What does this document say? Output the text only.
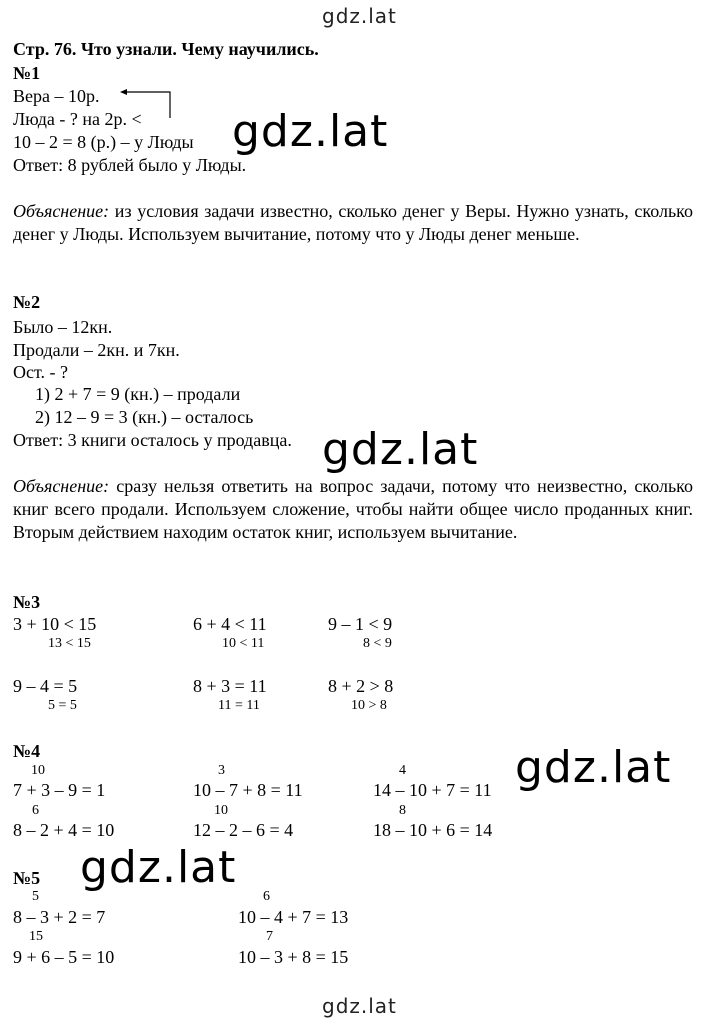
gdz.lat
gdz.lat
gdz.lat
gdz.lat
gdz.lat
gdz.lat
Стр. 76. Что узнали. Чему научились.
№1
Вера – 10р.
Люда - ? на 2р. <
10 – 2 = 8 (р.) – у Люды
Ответ: 8 рублей было у Люды.
Объяснение: из условия задачи известно, сколько денег у Веры. Нужно узнать, сколько денег у Люды. Используем вычитание, потому что у Люды денег меньше.
№2
Было – 12кн.
Продали – 2кн. и 7кн.
Ост. - ?
1) 2 + 7 = 9 (кн.) – продали
2) 12 – 9 = 3 (кн.) – осталось
Ответ: 3 книги осталось у продавца.
Объяснение: сразу нельзя ответить на вопрос задачи, потому что неизвестно, сколько книг всего продали. Используем сложение, чтобы найти общее число проданных книг. Вторым действием находим остаток книг, используем вычитание.
№3
3 + 10 < 15
13 < 15
6 + 4 < 11
10 < 11
9 – 1 < 9
8 < 9
9 – 4 = 5
5 = 5
8 + 3 = 11
11 = 11
8 + 2 > 8
10 > 8
№4
10
7 + 3 – 9 = 1
3
10 – 7 + 8 = 11
4
14 – 10 + 7 = 11
6
8 – 2 + 4 = 10
10
12 – 2 – 6 = 4
8
18 – 10 + 6 = 14
№5
5
8 – 3 + 2 = 7
6
10 – 4 + 7 = 13
15
9 + 6 – 5 = 10
7
10 – 3 + 8 = 15
